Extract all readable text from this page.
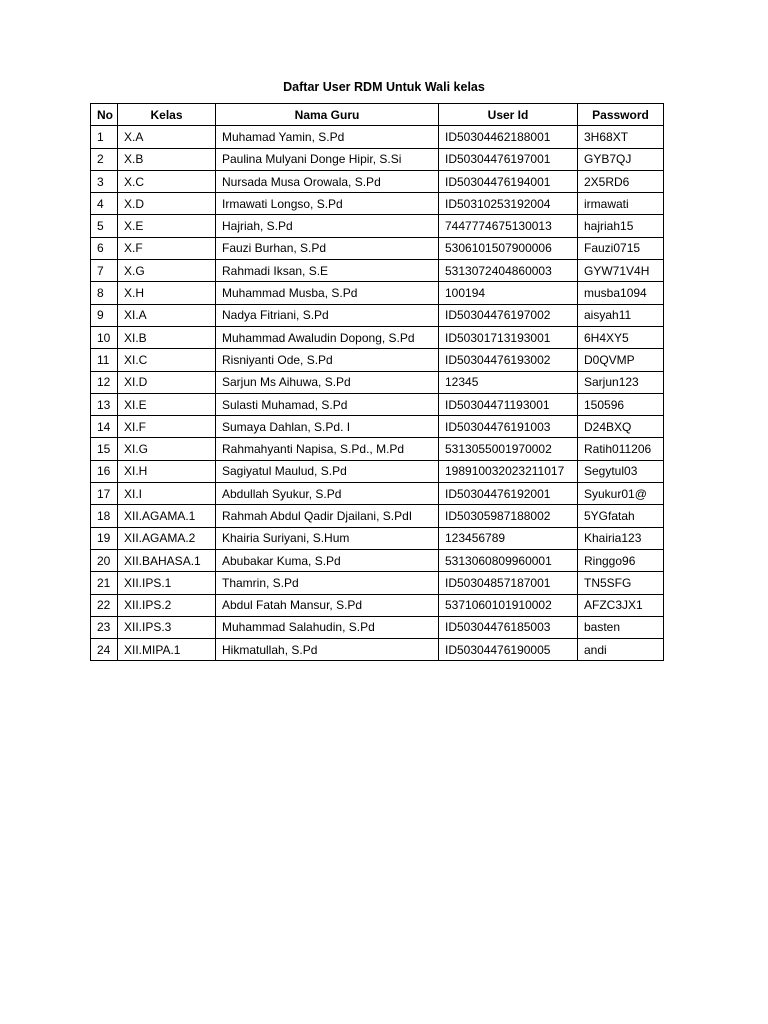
Daftar User RDM Untuk Wali kelas
No	Kelas	Nama Guru	User Id	Password
1	X.A	Muhamad Yamin, S.Pd	ID50304462188001	3H68XT
2	X.B	Paulina Mulyani Donge Hipir, S.Si	ID50304476197001	GYB7QJ
3	X.C	Nursada Musa Orowala, S.Pd	ID50304476194001	2X5RD6
4	X.D	Irmawati Longso, S.Pd	ID50310253192004	irmawati
5	X.E	Hajriah, S.Pd	7447774675130013	hajriah15
6	X.F	Fauzi Burhan, S.Pd	5306101507900006	Fauzi0715
7	X.G	Rahmadi Iksan, S.E	5313072404860003	GYW71V4H
8	X.H	Muhammad Musba, S.Pd	100194	musba1094
9	XI.A	Nadya Fitriani, S.Pd	ID50304476197002	aisyah11
10	XI.B	Muhammad Awaludin Dopong, S.Pd	ID50301713193001	6H4XY5
11	XI.C	Risniyanti Ode, S.Pd	ID50304476193002	D0QVMP
12	XI.D	Sarjun Ms Aihuwa, S.Pd	12345	Sarjun123
13	XI.E	Sulasti Muhamad, S.Pd	ID50304471193001	150596
14	XI.F	Sumaya Dahlan, S.Pd. I	ID50304476191003	D24BXQ
15	XI.G	Rahmahyanti Napisa, S.Pd., M.Pd	5313055001970002	Ratih011206
16	XI.H	Sagiyatul Maulud, S.Pd	198910032023211017	Segytul03
17	XI.I	Abdullah Syukur, S.Pd	ID50304476192001	Syukur01@
18	XII.AGAMA.1	Rahmah Abdul Qadir Djailani, S.PdI	ID50305987188002	5YGfatah
19	XII.AGAMA.2	Khairia Suriyani, S.Hum	123456789	Khairia123
20	XII.BAHASA.1	Abubakar Kuma, S.Pd	5313060809960001	Ringgo96
21	XII.IPS.1	Thamrin, S.Pd	ID50304857187001	TN5SFG
22	XII.IPS.2	Abdul Fatah Mansur, S.Pd	5371060101910002	AFZC3JX1
23	XII.IPS.3	Muhammad Salahudin, S.Pd	ID50304476185003	basten
24	XII.MIPA.1	Hikmatullah, S.Pd	ID50304476190005	andi
